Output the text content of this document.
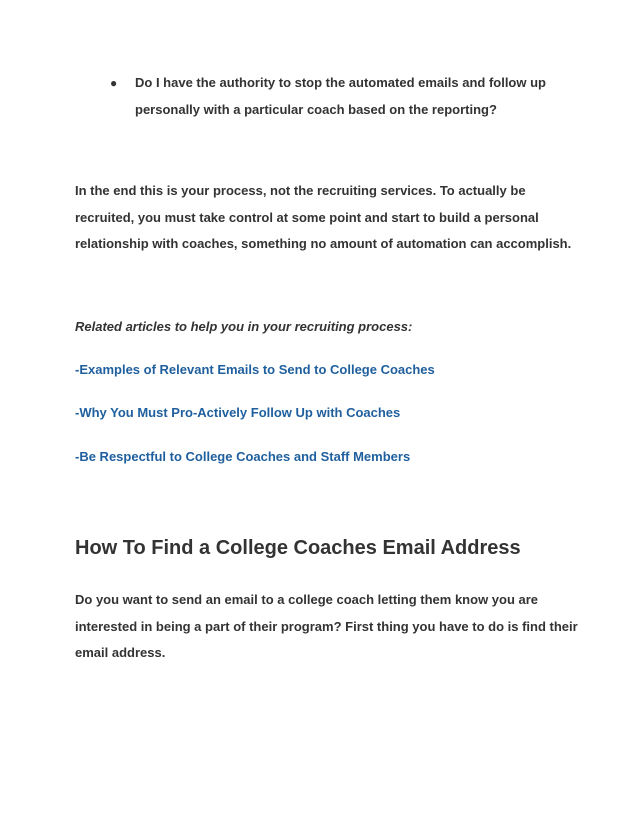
● Do I have the authority to stop the automated emails and follow up
personally with a particular coach based on the reporting?
In the end this is your process, not the recruiting services. To actually be
recruited, you must take control at some point and start to build a personal
relationship with coaches, something no amount of automation can accomplish.
Related articles to help you in your recruiting process:
-Examples of Relevant Emails to Send to College Coaches
-Why You Must Pro-Actively Follow Up with Coaches
-Be Respectful to College Coaches and Staff Members
How To Find a College Coaches Email Address
Do you want to send an email to a college coach letting them know you are
interested in being a part of their program? First thing you have to do is find their
email address.
